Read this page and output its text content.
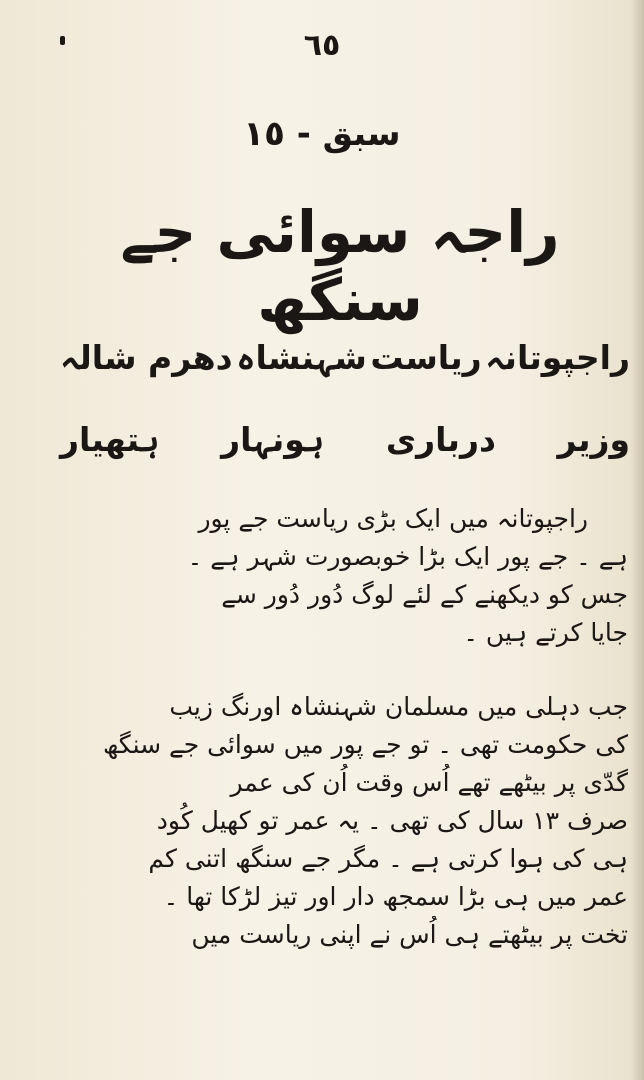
٦٥
سبق - ١٥
راجہ سوائی جے سنگھ
راجپوتانہ
ریاست
شہنشاہ
دھرم شالہ
وزیر
درباری
ہونہار
ہتھیار
راجپوتانہ میں ایک بڑی ریاست جے پور
ہے ۔ جے پور ایک بڑا خوبصورت شہر ہے ۔
جس کو دیکھنے کے لئے لوگ دُور دُور سے
جایا کرتے ہیں ۔
جب دہلی میں مسلمان شہنشاہ اورنگ زیب
کی حکومت تھی ۔ تو جے پور میں سوائی جے سنگھ
گدّی پر بیٹھے تھے اُس وقت اُن کی عمر
صرف ١٣ سال کی تھی ۔ یہ عمر تو کھیل کُود
ہی کی ہوا کرتی ہے ۔ مگر جے سنگھ اتنی کم
عمر میں ہی بڑا سمجھ دار اور تیز لڑکا تھا ۔
تخت پر بیٹھتے ہی اُس نے اپنی ریاست میں
